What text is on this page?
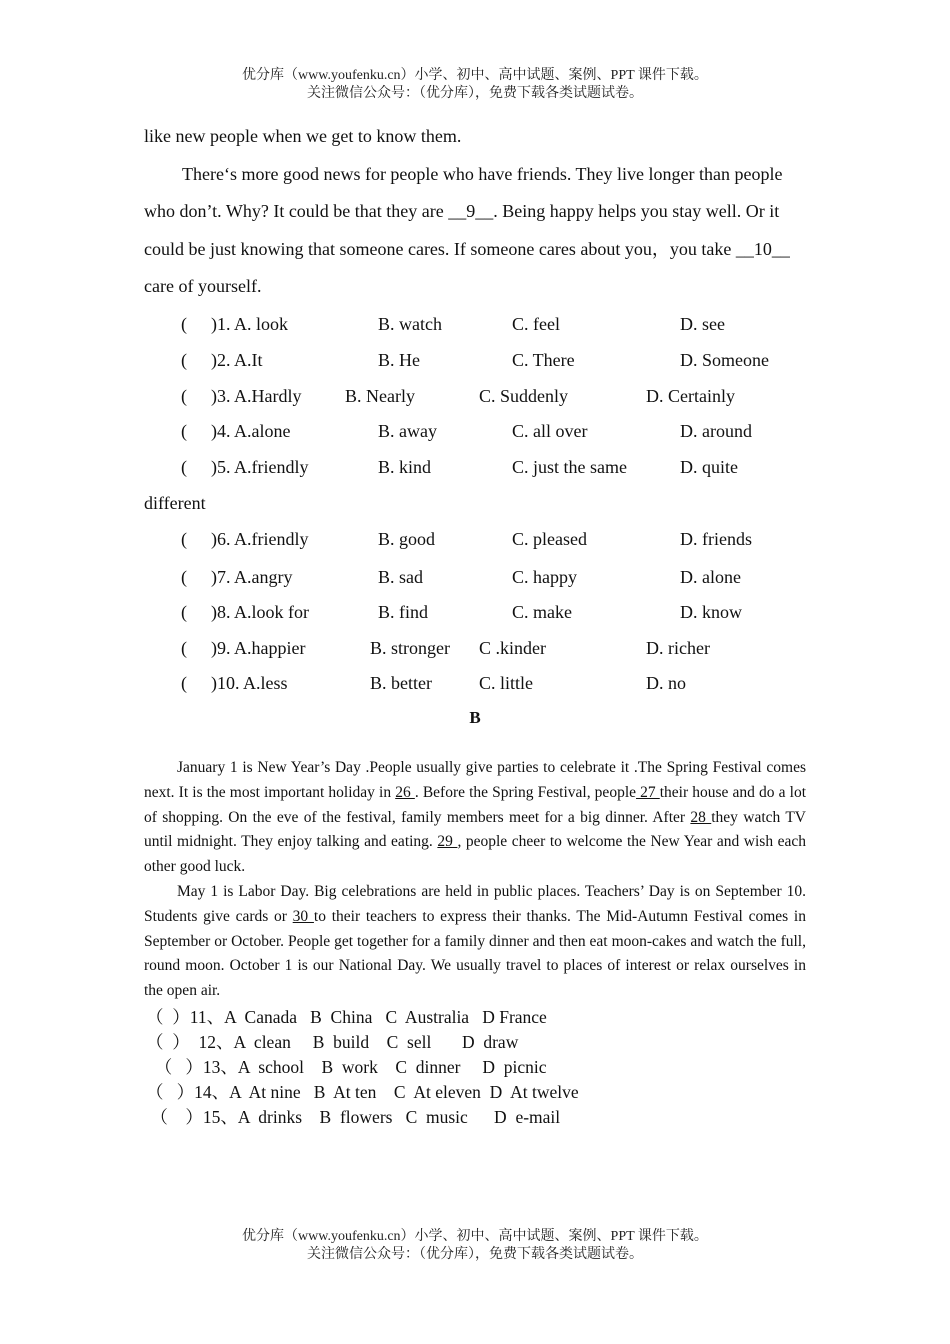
优分库（www.youfenku.cn）小学、初中、高中试题、案例、PPT 课件下载。
关注微信公众号：（优分库），免费下载各类试题试卷。

like new people when we get to know them.

There‘s more good news for people who have friends. They live longer than people who don’t. Why? It could be that they are __9__. Being happy helps you stay well. Or it could be just knowing that someone cares. If someone cares about you，you take __10__ care of yourself.

( )1. A. look	B. watch	C. feel	D. see
( )2. A.It	B. He	C. There	D. Someone
( )3. A.Hardly B. Nearly	C. Suddenly	D. Certainly
( )4. A.alone	B. away	C. all over	D. around
( )5. A.friendly	B. kind	C. just the same	D. quite
( )6. A.friendly	B. good	C. pleased	D. friends
( )7. A.angry	B. sad	C. happy	D. alone
( )8. A.look for	B. find	C. make	D. know
( )9. A.happier	B. stronger C .kinder	D. richer
( )10. A.less	B. better	C. little	D. no
different
B

January 1 is New Year’s Day .People usually give parties to celebrate it .The Spring Festival comes next. It is the most important holiday in 26 . Before the Spring Festival, people 27 their house and do a lot of shopping. On the eve of the festival, family members meet for a big dinner. After 28 they watch TV until midnight. They enjoy talking and eating. 29 , people cheer to welcome the New Year and wish each other good luck.

May 1 is Labor Day. Big celebrations are held in public places. Teachers’ Day is on September 10. Students give cards or 30 to their teachers to express their thanks. The Mid-Autumn Festival comes in September or October. People get together for a family dinner and then eat moon-cakes and watch the full, round moon. October 1 is our National Day. We usually travel to places of interest or relax ourselves in the open air.

（  ）11、A  Canada   B  China   C  Australia   D France
（  ）  12、A  clean     B  build    C  sell       D  draw
（   ）13、A  school    B  work    C  dinner     D  picnic
（   ）14、A  At nine   B  At ten    C  At eleven  D  At twelve
（    ）15、A  drinks    B  flowers   C  music      D  e-mail
优分库（www.youfenku.cn）小学、初中、高中试题、案例、PPT 课件下载。
关注微信公众号：（优分库），免费下载各类试题试卷。
